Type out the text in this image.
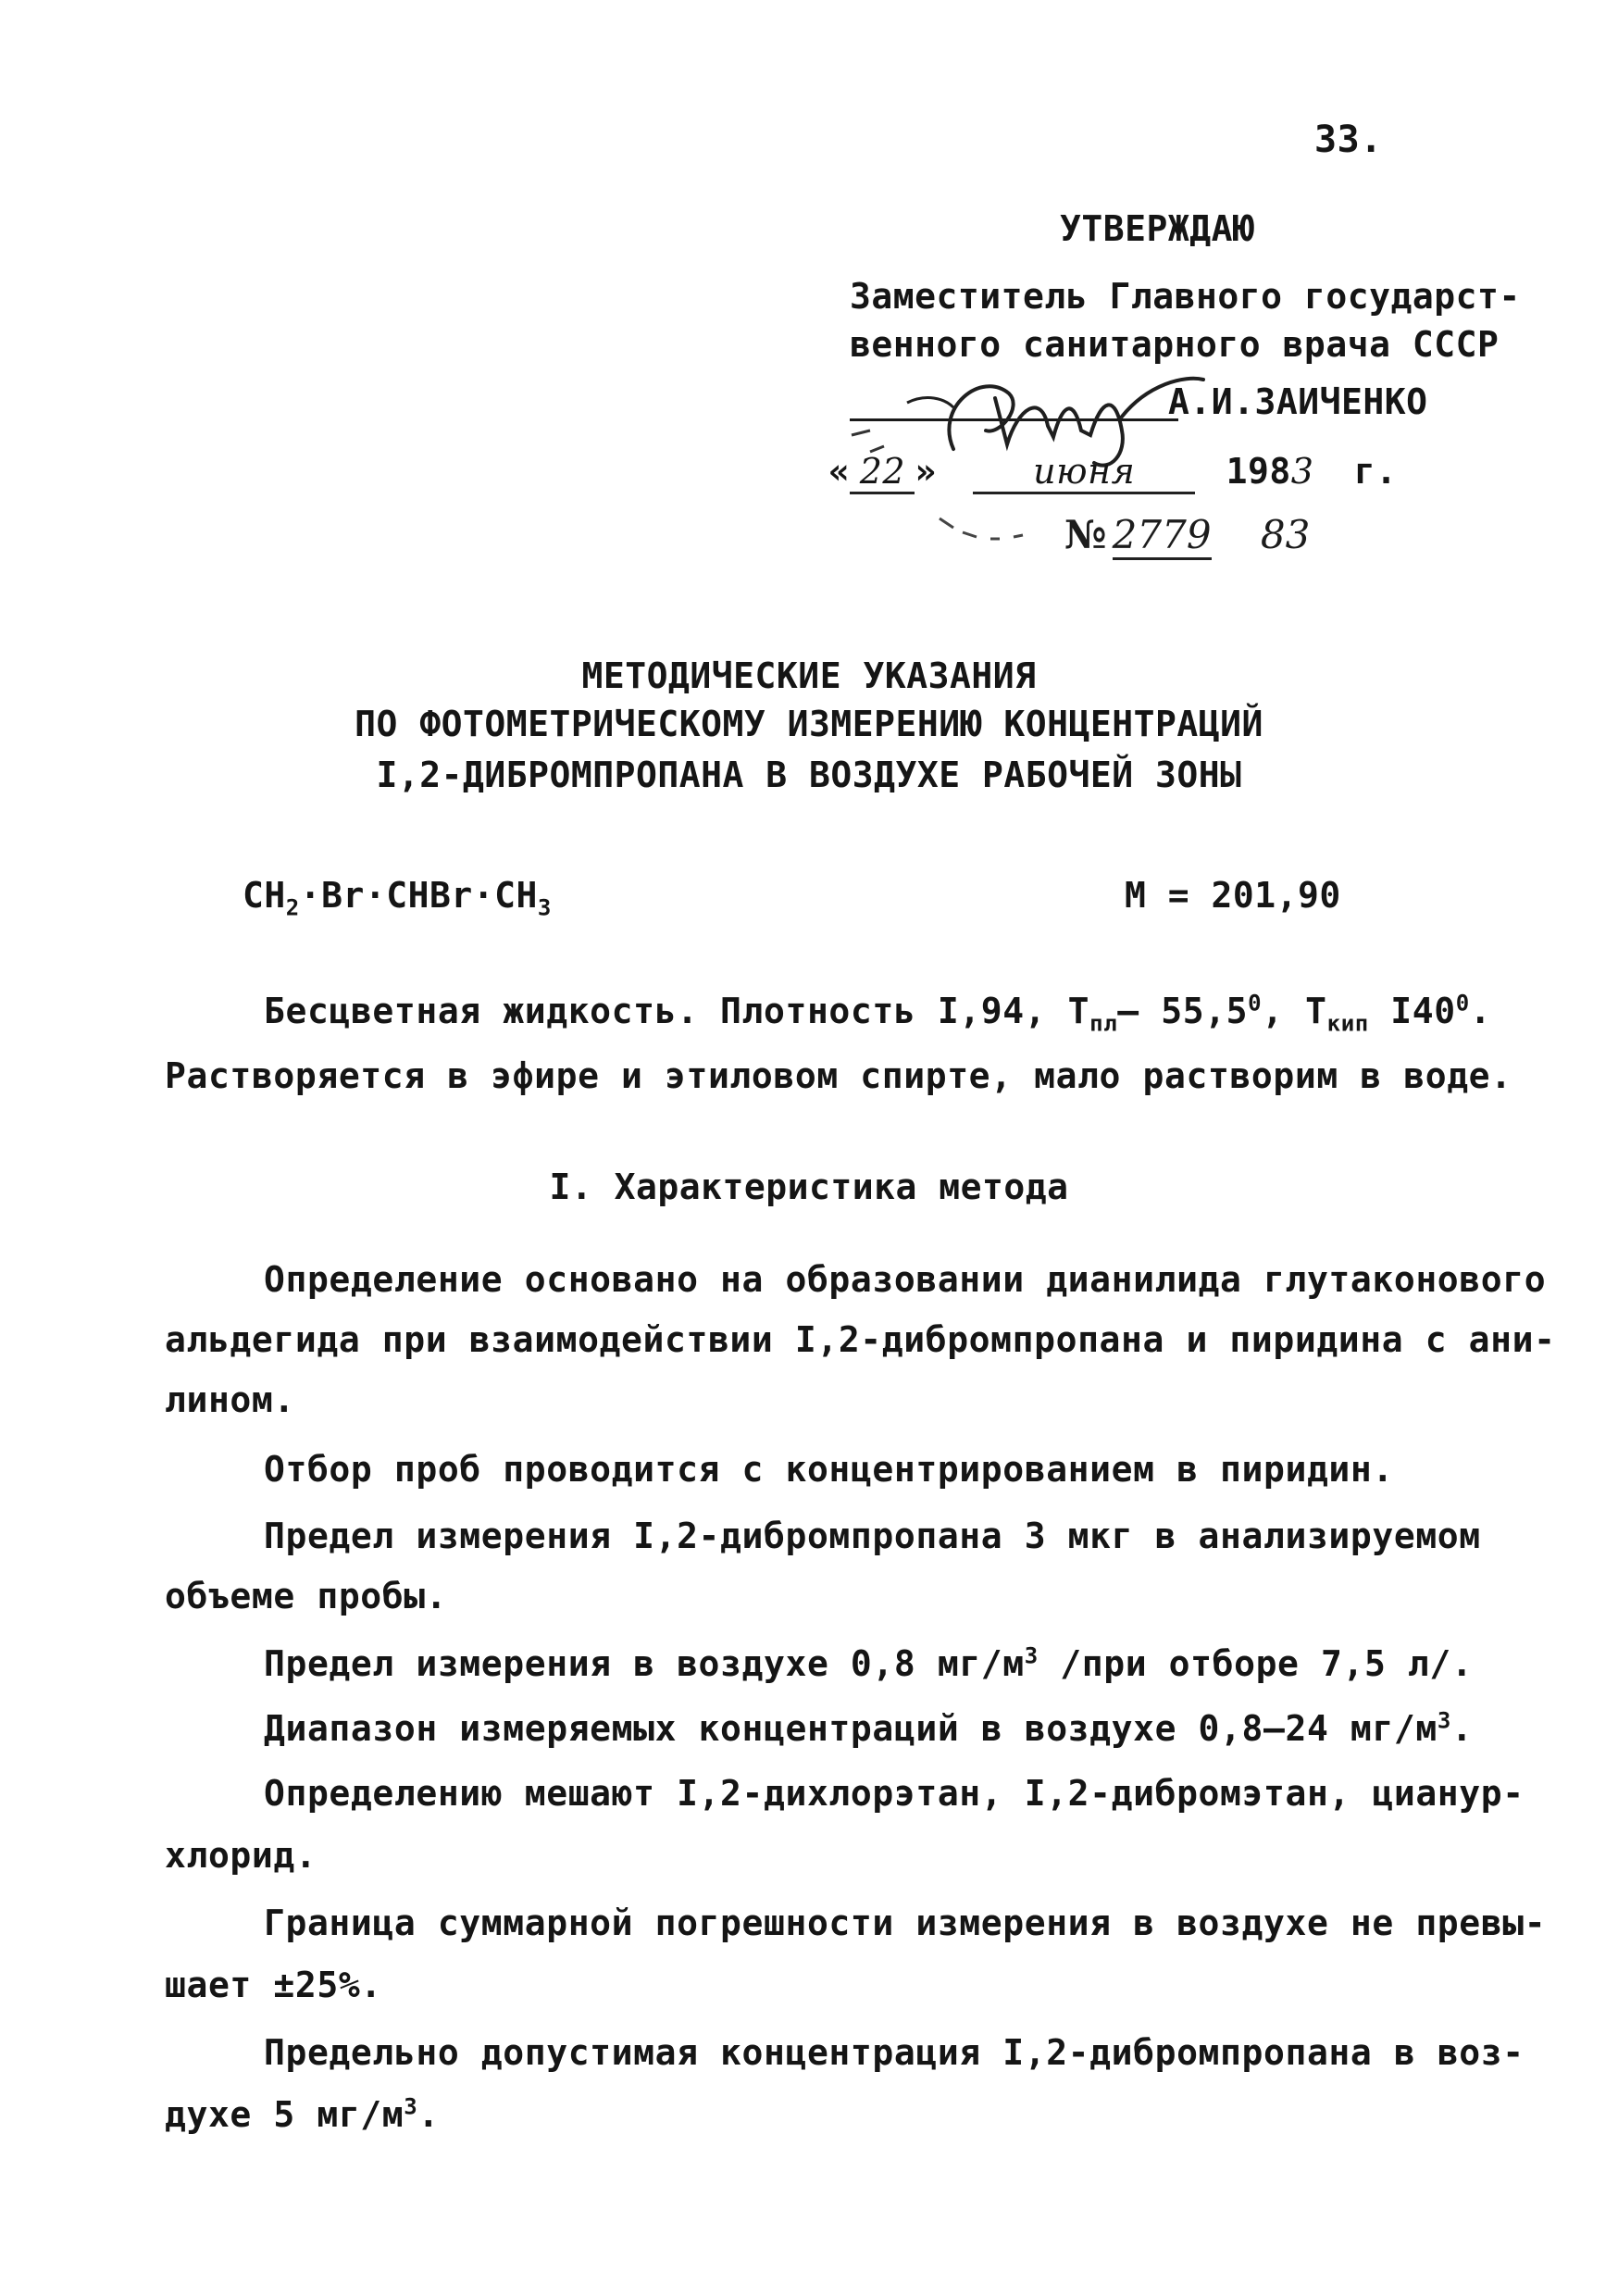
33.
УТВЕРЖДАЮ
Заместитель Главного государст-
венного санитарного врача СССР
А.И.ЗАИЧЕНКО
« 22 »	июня	1983 г.
№ 2779 83
МЕТОДИЧЕСКИЕ УКАЗАНИЯ
ПО ФОТОМЕТРИЧЕСКОМУ ИЗМЕРЕНИЮ КОНЦЕНТРАЦИЙ
I,2-ДИБРОМПРОПАНА В ВОЗДУХЕ РАБОЧЕЙ ЗОНЫ
$CH_2\cdot Br\cdot CHBr\cdot CH_3$	М = 201,90
Бесцветная жидкость. Плотность I,94, $T_{пл}-$ 55,5$^0$, $T_{кип}$ $I40^0$.
Растворяется в эфире и этиловом спирте, мало растворим в воде.
I. Характеристика метода
Определение основано на образовании дианилида глутаконового
альдегида при взаимодействии I,2-дибромпропана и пиридина с ани-
лином.
Отбор проб проводится с концентрированием в пиридин.
Предел измерения I,2-дибромпропана 3 мкг в анализируемом
объеме пробы.
Предел измерения в воздухе 0,8 $мг/м^3$ /при отборе 7,5 л/.
Диапазон измеряемых концентраций в воздухе 0,8–24 $мг/м^3$.
Определению мешают I,2-дихлорэтан, I,2-дибромэтан, цианур-
хлорид.
Граница суммарной погрешности измерения в воздухе не превы-
шает ±25%.
Предельно допустимая концентрация I,2-дибромпропана в воз-
духе 5 $мг/м^3$.
